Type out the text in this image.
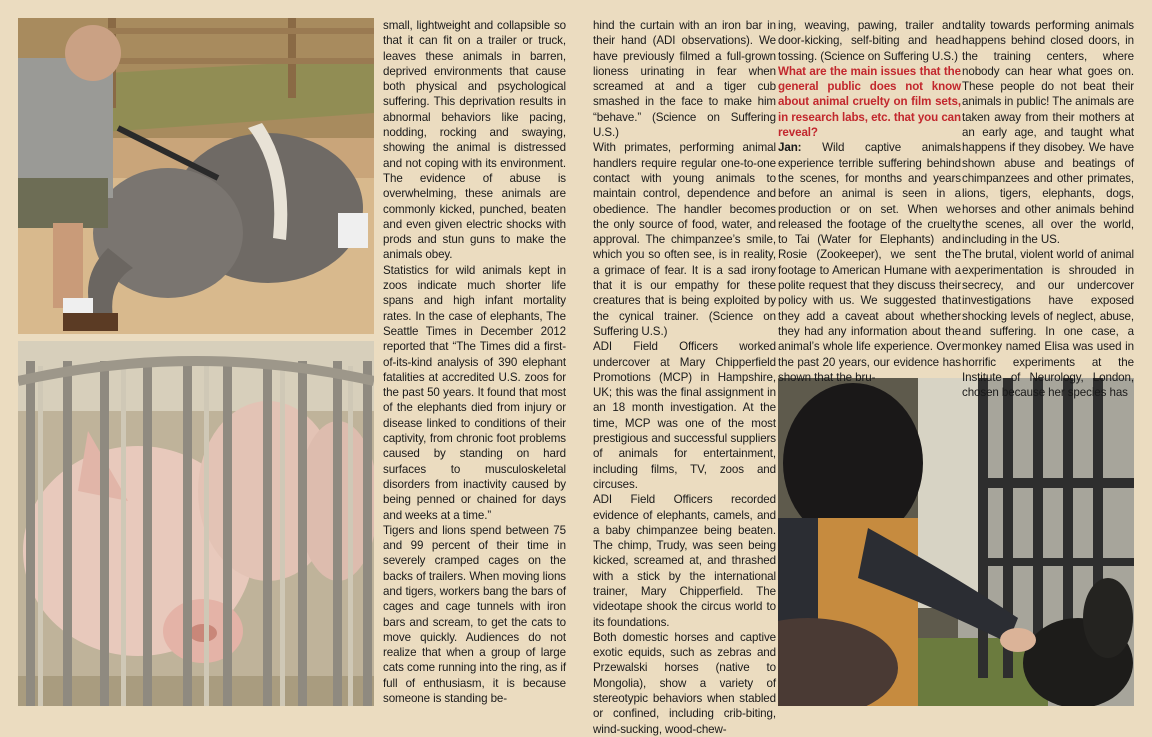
small, lightweight and collapsible so that it can fit on a trailer or truck, leaves these animals in barren, deprived environments that cause both physical and psychological suffering. This deprivation results in abnormal behaviors like pacing, nodding, rocking and swaying, showing the animal is distressed and not coping with its environment. The evidence of abuse is overwhelming, these animals are commonly kicked, punched, beaten and even given electric shocks with prods and stun guns to make the animals obey.

Statistics for wild animals kept in zoos indicate much shorter life spans and high infant mortality rates. In the case of elephants, The Seattle Times in December 2012 reported that “The Times did a first-of-its-kind analysis of 390 elephant fatalities at accredited U.S. zoos for the past 50 years. It found that most of the elephants died from injury or disease linked to conditions of their captivity, from chronic foot problems caused by standing on hard surfaces to musculoskeletal disorders from inactivity caused by being penned or chained for days and weeks at a time.”

Tigers and lions spend between 75 and 99 percent of their time in severely cramped cages on the backs of trailers. When moving lions and tigers, workers bang the bars of cages and cage tunnels with iron bars and scream, to get the cats to move quickly. Audiences do not realize that when a group of large cats come running into the ring, as if full of enthusiasm, it is because someone is standing be-

hind the curtain with an iron bar in their hand (ADI observations). We have previously filmed a full-grown lioness urinating in fear when screamed at and a tiger cub smashed in the face to make him “behave.” (Science on Suffering U.S.)

With primates, performing animal handlers require regular one-to-one contact with young animals to maintain control, dependence and obedience. The handler becomes the only source of food, water, and approval. The chimpanzee’s smile, which you so often see, is in reality, a grimace of fear. It is a sad irony that it is our empathy for these creatures that is being exploited by the cynical trainer. (Science on Suffering U.S.)

ADI Field Officers worked undercover at Mary Chipperfield Promotions (MCP) in Hampshire, UK; this was the final assignment in an 18 month investigation. At the time, MCP was one of the most prestigious and successful suppliers of animals for entertainment, including films, TV, zoos and circuses.

ADI Field Officers recorded evidence of elephants, camels, and a baby chimpanzee being beaten. The chimp, Trudy, was seen being kicked, screamed at, and thrashed with a stick by the international trainer, Mary Chipperfield. The videotape shook the circus world to its foundations.

Both domestic horses and captive exotic equids, such as zebras and Przewalski horses (native to Mongolia), show a variety of stereotypic behaviors when stabled or confined, including crib-biting, wind-sucking, wood-chew-

ing, weaving, pawing, trailer and door-kicking, self-biting and head tossing. (Science on Suffering U.S.)

What are the main issues that the general public does not know about animal cruelty on film sets, in research labs, etc. that you can reveal?

Jan: Wild captive animals experience terrible suffering behind the scenes, for months and years before an animal is seen in a production or on set. When we released the footage of the cruelty to Tai (Water for Elephants) and Rosie (Zookeeper), we sent the footage to American Humane with a polite request that they discuss their policy with us. We suggested that they add a caveat about whether they had any information about the animal’s whole life experience. Over the past 20 years, our evidence has shown that the bru-

tality towards performing animals happens behind closed doors, in the training centers, where nobody can hear what goes on. These people do not beat their animals in public! The animals are taken away from their mothers at an early age, and taught what happens if they disobey. We have shown abuse and beatings of chimpanzees and other primates, lions, tigers, elephants, dogs, horses and other animals behind the scenes, all over the world, including in the US.

The brutal, violent world of animal experimentation is shrouded in secrecy, and our undercover investigations have exposed shocking levels of neglect, abuse, and suffering. In one case, a monkey named Elisa was used in horrific experiments at the Institute of Neurology, London, chosen because her species has
